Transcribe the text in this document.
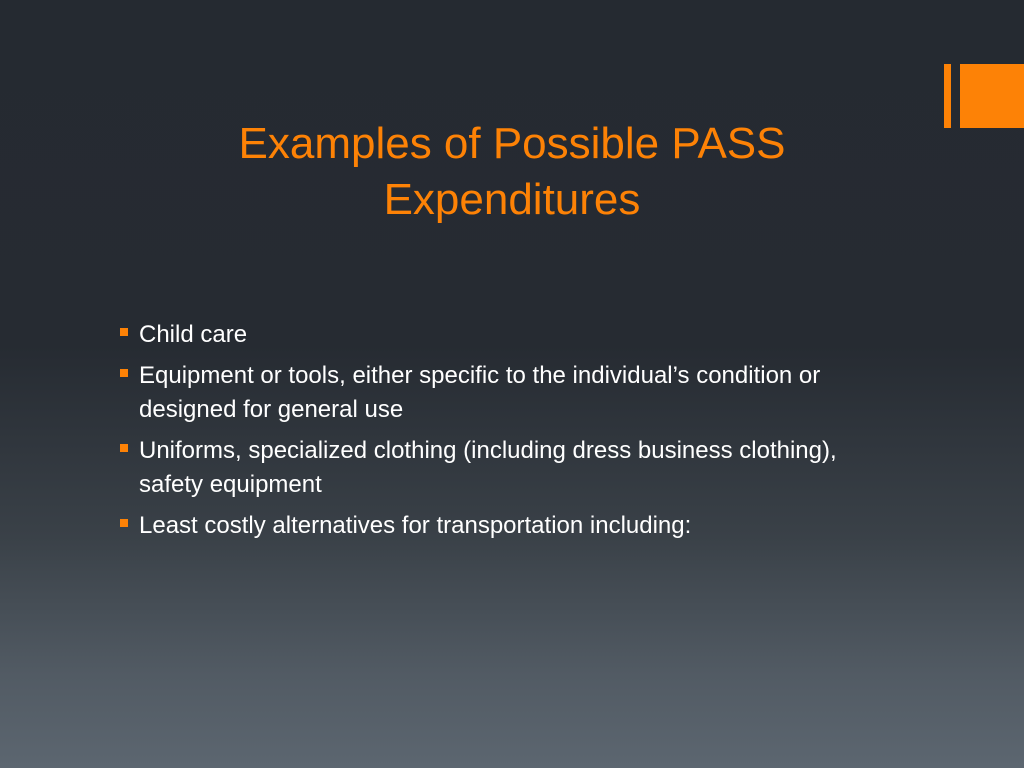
Examples of Possible PASS
Expenditures
Child care
Equipment or tools, either specific to the individual’s condition or designed for general use
Uniforms, specialized clothing (including dress business clothing), safety equipment
Least costly alternatives for transportation including:
